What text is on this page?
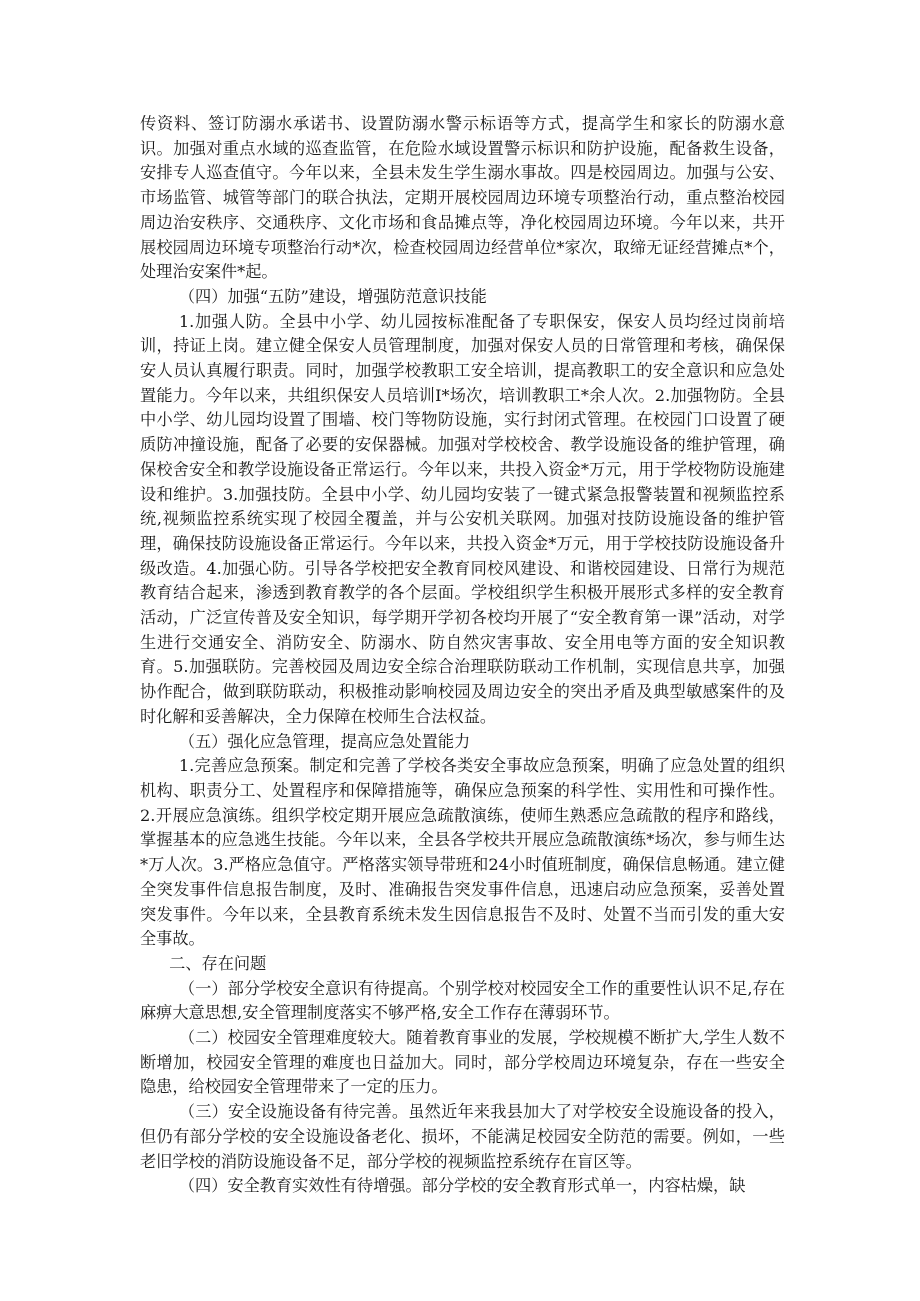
传资料、签订防溺水承诺书、设置防溺水警示标语等方式，提高学生和家长的防溺水意识。加强对重点水域的巡查监管，在危险水域设置警示标识和防护设施，配备救生设备，安排专人巡查值守。今年以来，全县未发生学生溺水事故。四是校园周边。加强与公安、市场监管、城管等部门的联合执法，定期开展校园周边环境专项整治行动，重点整治校园周边治安秩序、交通秩序、文化市场和食品摊点等，净化校园周边环境。今年以来，共开展校园周边环境专项整治行动*次，检查校园周边经营单位*家次，取缔无证经营摊点*个，处理治安案件*起。

（四）加强“五防”建设，增强防范意识技能

1.加强人防。全县中小学、幼儿园按标准配备了专职保安，保安人员均经过岗前培训，持证上岗。建立健全保安人员管理制度，加强对保安人员的日常管理和考核，确保保安人员认真履行职责。同时，加强学校教职工安全培训，提高教职工的安全意识和应急处置能力。今年以来，共组织保安人员培训I*场次，培训教职工*余人次。2.加强物防。全县中小学、幼儿园均设置了围墙、校门等物防设施，实行封闭式管理。在校园门口设置了硬质防冲撞设施，配备了必要的安保器械。加强对学校校舍、教学设施设备的维护管理，确保校舍安全和教学设施设备正常运行。今年以来，共投入资金*万元，用于学校物防设施建设和维护。3.加强技防。全县中小学、幼儿园均安装了一键式紧急报警装置和视频监控系统,视频监控系统实现了校园全覆盖，并与公安机关联网。加强对技防设施设备的维护管理，确保技防设施设备正常运行。今年以来，共投入资金*万元，用于学校技防设施设备升级改造。4.加强心防。引导各学校把安全教育同校风建设、和谐校园建设、日常行为规范教育结合起来，渗透到教育教学的各个层面。学校组织学生积极开展形式多样的安全教育活动，广泛宣传普及安全知识，每学期开学初各校均开展了“安全教育第一课”活动，对学生进行交通安全、消防安全、防溺水、防自然灾害事故、安全用电等方面的安全知识教育。5.加强联防。完善校园及周边安全综合治理联防联动工作机制，实现信息共享，加强协作配合，做到联防联动，积极推动影响校园及周边安全的突出矛盾及典型敏感案件的及时化解和妥善解决，全力保障在校师生合法权益。

（五）强化应急管理，提高应急处置能力

1.完善应急预案。制定和完善了学校各类安全事故应急预案，明确了应急处置的组织机构、职责分工、处置程序和保障措施等，确保应急预案的科学性、实用性和可操作性。2.开展应急演练。组织学校定期开展应急疏散演练，使师生熟悉应急疏散的程序和路线，掌握基本的应急逃生技能。今年以来，全县各学校共开展应急疏散演练*场次，参与师生达*万人次。3.严格应急值守。严格落实领导带班和24小时值班制度，确保信息畅通。建立健全突发事件信息报告制度，及时、准确报告突发事件信息，迅速启动应急预案，妥善处置突发事件。今年以来，全县教育系统未发生因信息报告不及时、处置不当而引发的重大安全事故。

二、存在问题

（一）部分学校安全意识有待提高。个别学校对校园安全工作的重要性认识不足,存在麻痹大意思想,安全管理制度落实不够严格,安全工作存在薄弱环节。

（二）校园安全管理难度较大。随着教育事业的发展，学校规模不断扩大,学生人数不断增加，校园安全管理的难度也日益加大。同时，部分学校周边环境复杂，存在一些安全隐患，给校园安全管理带来了一定的压力。

（三）安全设施设备有待完善。虽然近年来我县加大了对学校安全设施设备的投入，但仍有部分学校的安全设施设备老化、损坏，不能满足校园安全防范的需要。例如，一些老旧学校的消防设施设备不足，部分学校的视频监控系统存在盲区等。

（四）安全教育实效性有待增强。部分学校的安全教育形式单一，内容枯燥，缺
